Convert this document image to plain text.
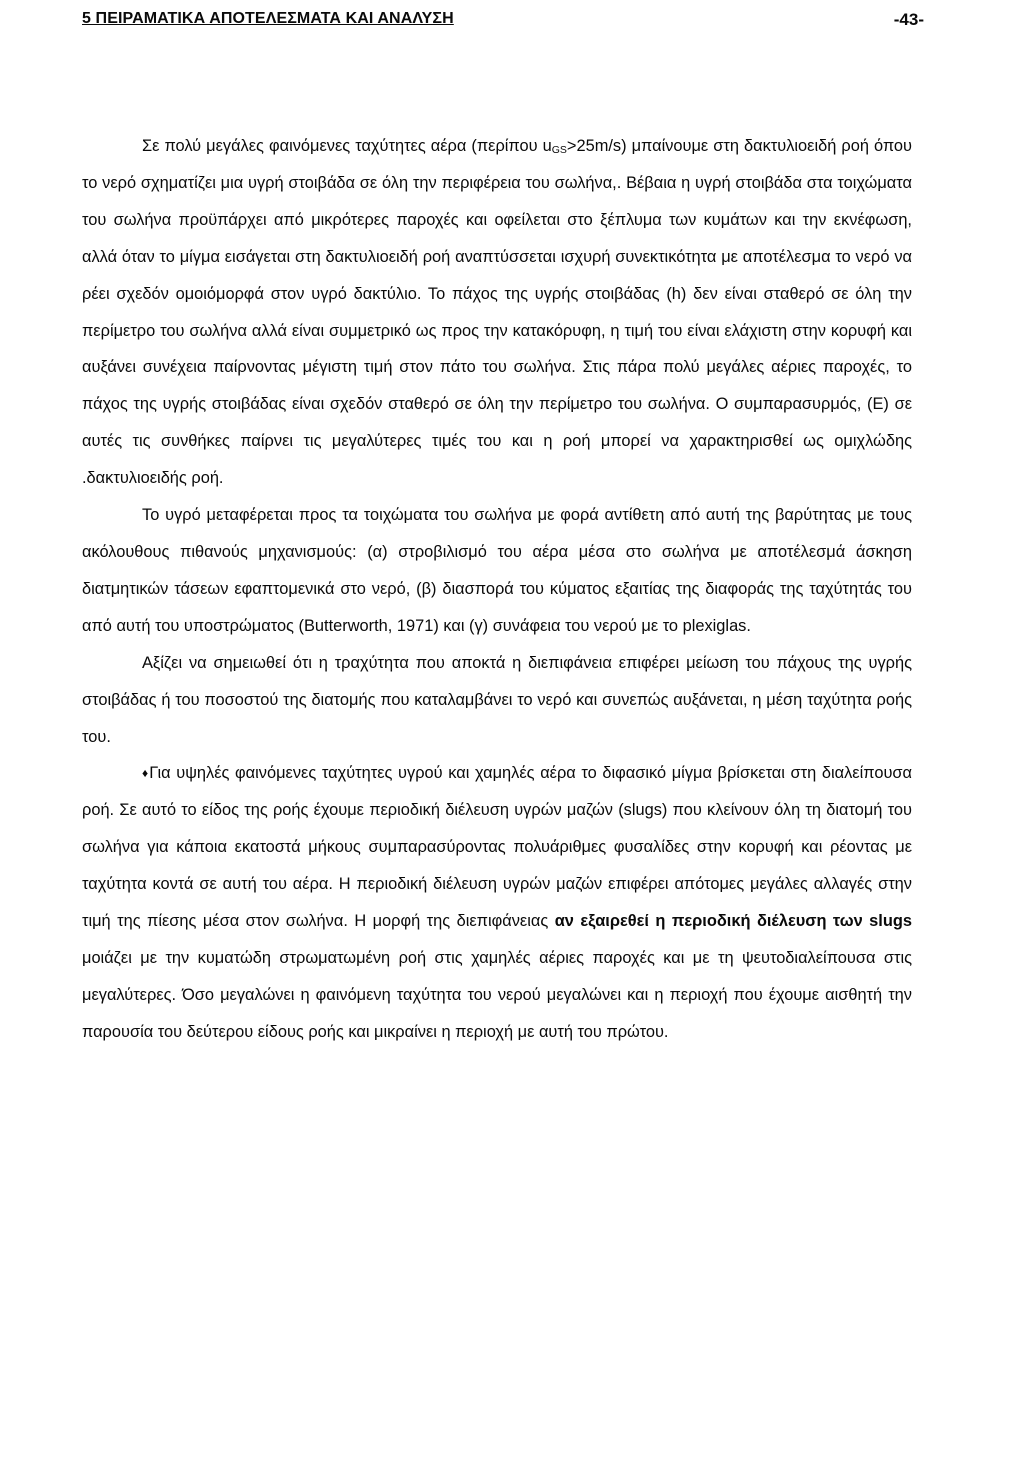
5 ΠΕΙΡΑΜΑΤΙΚΑ ΑΠΟΤΕΛΕΣΜΑΤΑ ΚΑΙ ΑΝΑΛΥΣΗ	-43-

Σε πολύ μεγάλες φαινόμενες ταχύτητες αέρα (περίπου $u_{GS}>25m/s$) μπαίνουμε στη δακτυλιοειδή ροή όπου το νερό σχηματίζει μια υγρή στοιβάδα σε όλη την περιφέρεια του σωλήνα,. Βέβαια η υγρή στοιβάδα στα τοιχώματα του σωλήνα προϋπάρχει από μικρότερες παροχές και οφείλεται στο ξέπλυμα των κυμάτων και την εκνέφωση, αλλά όταν το μίγμα εισάγεται στη δακτυλιοειδή ροή αναπτύσσεται ισχυρή συνεκτικότητα με αποτέλεσμα το νερό να ρέει σχεδόν ομοιόμορφά στον υγρό δακτύλιο. Το πάχος της υγρής στοιβάδας (h) δεν είναι σταθερό σε όλη την περίμετρο του σωλήνα αλλά είναι συμμετρικό ως προς την κατακόρυφη, η τιμή του είναι ελάχιστη στην κορυφή και αυξάνει συνέχεια παίρνοντας μέγιστη τιμή στον πάτο του σωλήνα. Στις πάρα πολύ μεγάλες αέριες παροχές, το πάχος της υγρής στοιβάδας είναι σχεδόν σταθερό σε όλη την περίμετρο του σωλήνα. Ο συμπαρασυρμός, (Ε) σε αυτές τις συνθήκες παίρνει τις μεγαλύτερες τιμές του και η ροή μπορεί να χαρακτηρισθεί ως ομιχλώδης .δακτυλιοειδής ροή.

Το υγρό μεταφέρεται προς τα τοιχώματα του σωλήνα με φορά αντίθετη από αυτή της βαρύτητας με τους ακόλουθους πιθανούς μηχανισμούς: (α) στροβιλισμό του αέρα μέσα στο σωλήνα με αποτέλεσμά άσκηση διατμητικών τάσεων εφαπτομενικά στο νερό, (β) διασπορά του κύματος εξαιτίας της διαφοράς της ταχύτητάς του από αυτή του υποστρώματος (Butterworth, 1971) και (γ) συνάφεια του νερού με το plexiglas.

Αξίζει να σημειωθεί ότι η τραχύτητα που αποκτά η διεπιφάνεια επιφέρει μείωση του πάχους της υγρής στοιβάδας ή του ποσοστού της διατομής που καταλαμβάνει το νερό και συνεπώς αυξάνεται, η μέση ταχύτητα ροής του.

♦Για υψηλές φαινόμενες ταχύτητες υγρού και χαμηλές αέρα το διφασικό μίγμα βρίσκεται στη διαλείπουσα ροή. Σε αυτό το είδος της ροής έχουμε περιοδική διέλευση υγρών μαζών (slugs) που κλείνουν όλη τη διατομή του σωλήνα για κάποια εκατοστά μήκους συμπαρασύροντας πολυάριθμες φυσαλίδες στην κορυφή και ρέοντας με ταχύτητα κοντά σε αυτή του αέρα. Η περιοδική διέλευση υγρών μαζών επιφέρει απότομες μεγάλες αλλαγές στην τιμή της πίεσης μέσα στον σωλήνα. Η μορφή της διεπιφάνειας αν εξαιρεθεί η περιοδική διέλευση των slugs μοιάζει με την κυματώδη στρωματωμένη ροή στις χαμηλές αέριες παροχές και με τη ψευτοδιαλείπουσα στις μεγαλύτερες. Όσο μεγαλώνει η φαινόμενη ταχύτητα του νερού μεγαλώνει και η περιοχή που έχουμε αισθητή την παρουσία του δεύτερου είδους ροής και μικραίνει η περιοχή με αυτή του πρώτου.
